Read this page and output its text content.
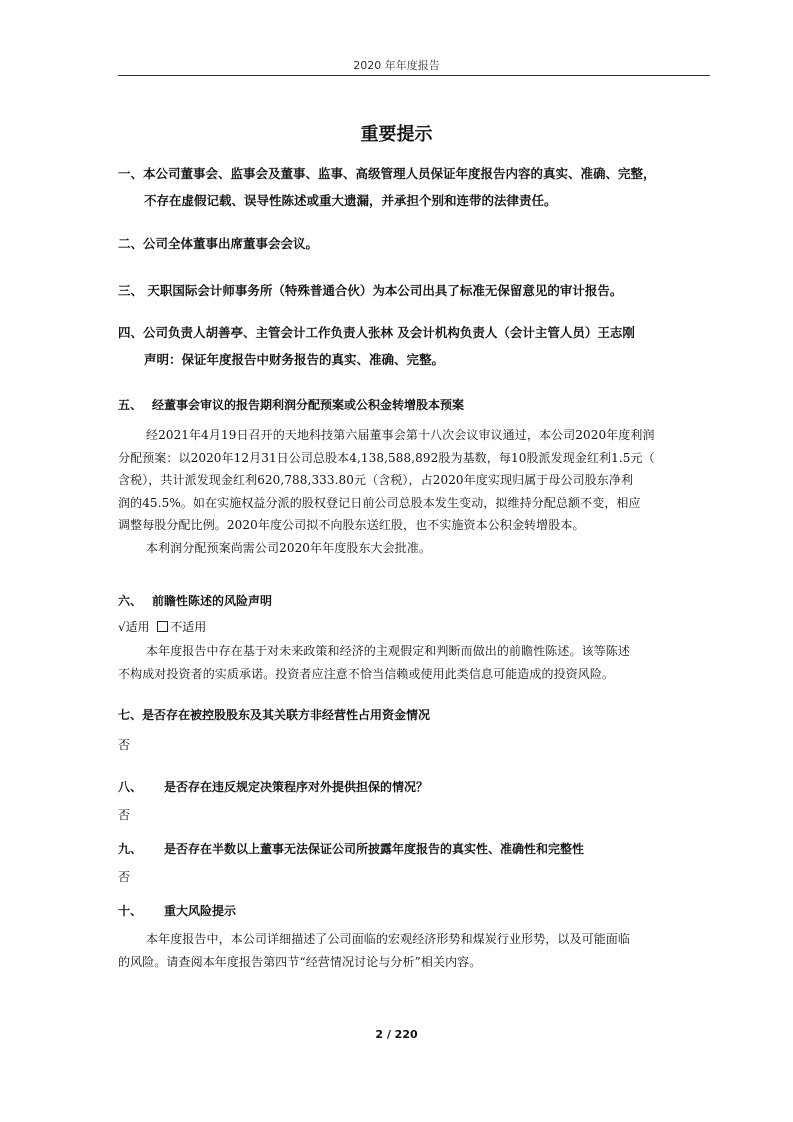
2020 年年度报告
重要提示
一、本公司董事会、监事会及董事、监事、高级管理人员保证年度报告内容的真实、准确、完整，
不存在虚假记载、误导性陈述或重大遗漏，并承担个别和连带的法律责任。
二、公司全体董事出席董事会会议。
三、 天职国际会计师事务所（特殊普通合伙）为本公司出具了标准无保留意见的审计报告。
四、公司负责人胡善亭、主管会计工作负责人张林 及会计机构负责人（会计主管人员）王志刚
声明：保证年度报告中财务报告的真实、准确、完整。
五、 经董事会审议的报告期利润分配预案或公积金转增股本预案
经2021年4月19日召开的天地科技第六届董事会第十八次会议审议通过，本公司2020年度利润
分配预案：以2020年12月31日公司总股本4,138,588,892股为基数，每10股派发现金红利1.5元（
含税），共计派发现金红利620,788,333.80元（含税），占2020年度实现归属于母公司股东净利
润的45.5%。如在实施权益分派的股权登记日前公司总股本发生变动，拟维持分配总额不变，相应
调整每股分配比例。2020年度公司拟不向股东送红股，也不实施资本公积金转增股本。
本利润分配预案尚需公司2020年年度股东大会批准。
六、 前瞻性陈述的风险声明
√适用 不适用
本年度报告中存在基于对未来政策和经济的主观假定和判断而做出的前瞻性陈述。该等陈述
不构成对投资者的实质承诺。投资者应注意不恰当信赖或使用此类信息可能造成的投资风险。
七、是否存在被控股股东及其关联方非经营性占用资金情况
否
八、 是否存在违反规定决策程序对外提供担保的情况？
否
九、 是否存在半数以上董事无法保证公司所披露年度报告的真实性、准确性和完整性
否
十、 重大风险提示
本年度报告中，本公司详细描述了公司面临的宏观经济形势和煤炭行业形势，以及可能面临
的风险。请查阅本年度报告第四节“经营情况讨论与分析”相关内容。
2 / 220
